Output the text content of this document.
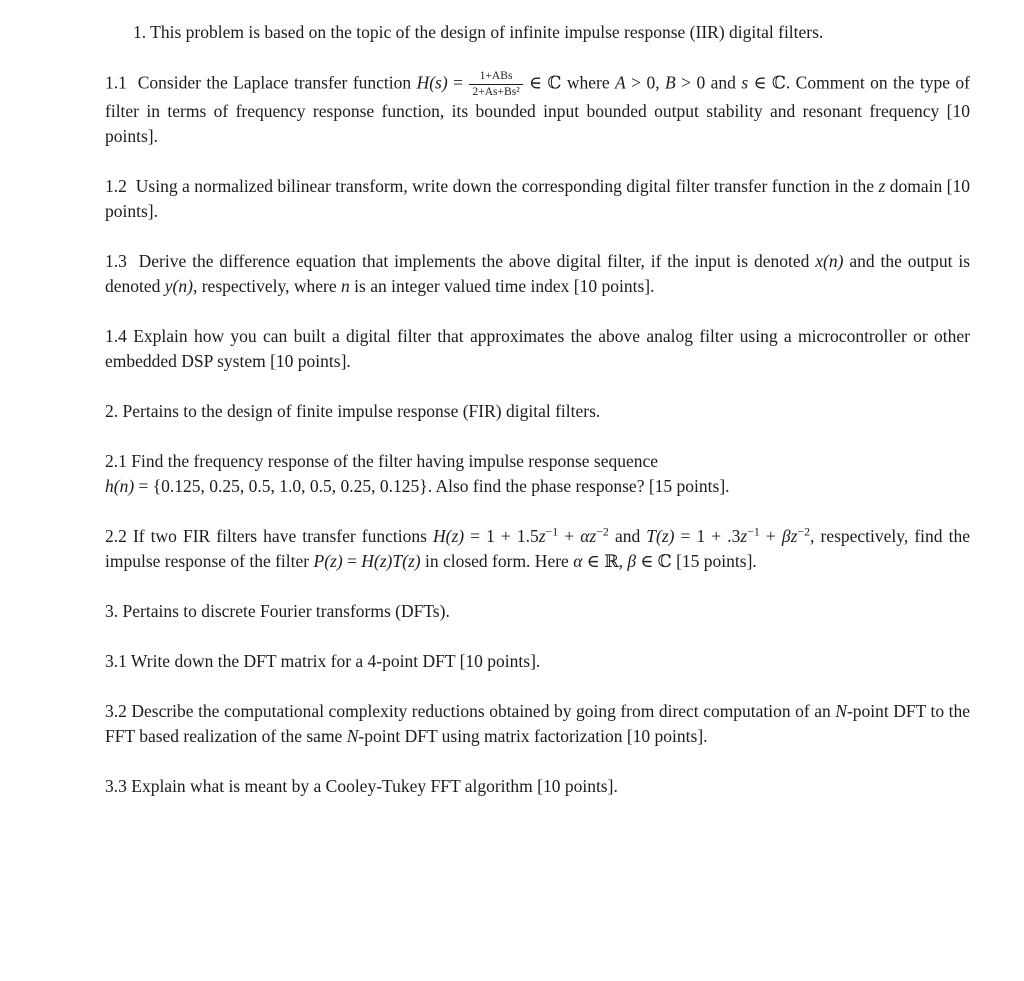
1. This problem is based on the topic of the design of infinite impulse response (IIR) digital filters.

1.1  Consider the Laplace transfer function $H(s) = \frac{\text{1+ABs}}{\text{2+As+Bs²}}$ ∈ ℂ where A > 0, B > 0 and s ∈ ℂ. Comment on the type of filter in terms of frequency response function, its bounded input bounded output stability and resonant frequency [10 points].

1.2  Using a normalized bilinear transform, write down the corresponding digital filter transfer function in the z domain [10 points].

1.3  Derive the difference equation that implements the above digital filter, if the input is denoted x(n) and the output is denoted y(n), respectively, where n is an integer valued time index [10 points].

1.4 Explain how you can built a digital filter that approximates the above analog filter using a microcontroller or other embedded DSP system [10 points].

2. Pertains to the design of finite impulse response (FIR) digital filters.

2.1 Find the frequency response of the filter having impulse response sequence
h(n) = {0.125, 0.25, 0.5, 1.0, 0.5, 0.25, 0.125}. Also find the phase response? [15 points].

2.2 If two FIR filters have transfer functions $H(z) = 1 + 1.5z^{-1} + \alpha z^{-2}$ and $T(z) = 1 + .3z^{-1} + \beta z^{-2}$, respectively, find the impulse response of the filter P(z) = H(z)T(z) in closed form. Here α ∈ ℝ, β ∈ ℂ [15 points].

3. Pertains to discrete Fourier transforms (DFTs).

3.1 Write down the DFT matrix for a 4-point DFT [10 points].

3.2 Describe the computational complexity reductions obtained by going from direct computation of an N-point DFT to the FFT based realization of the same N-point DFT using matrix factorization [10 points].

3.3 Explain what is meant by a Cooley-Tukey FFT algorithm [10 points].
